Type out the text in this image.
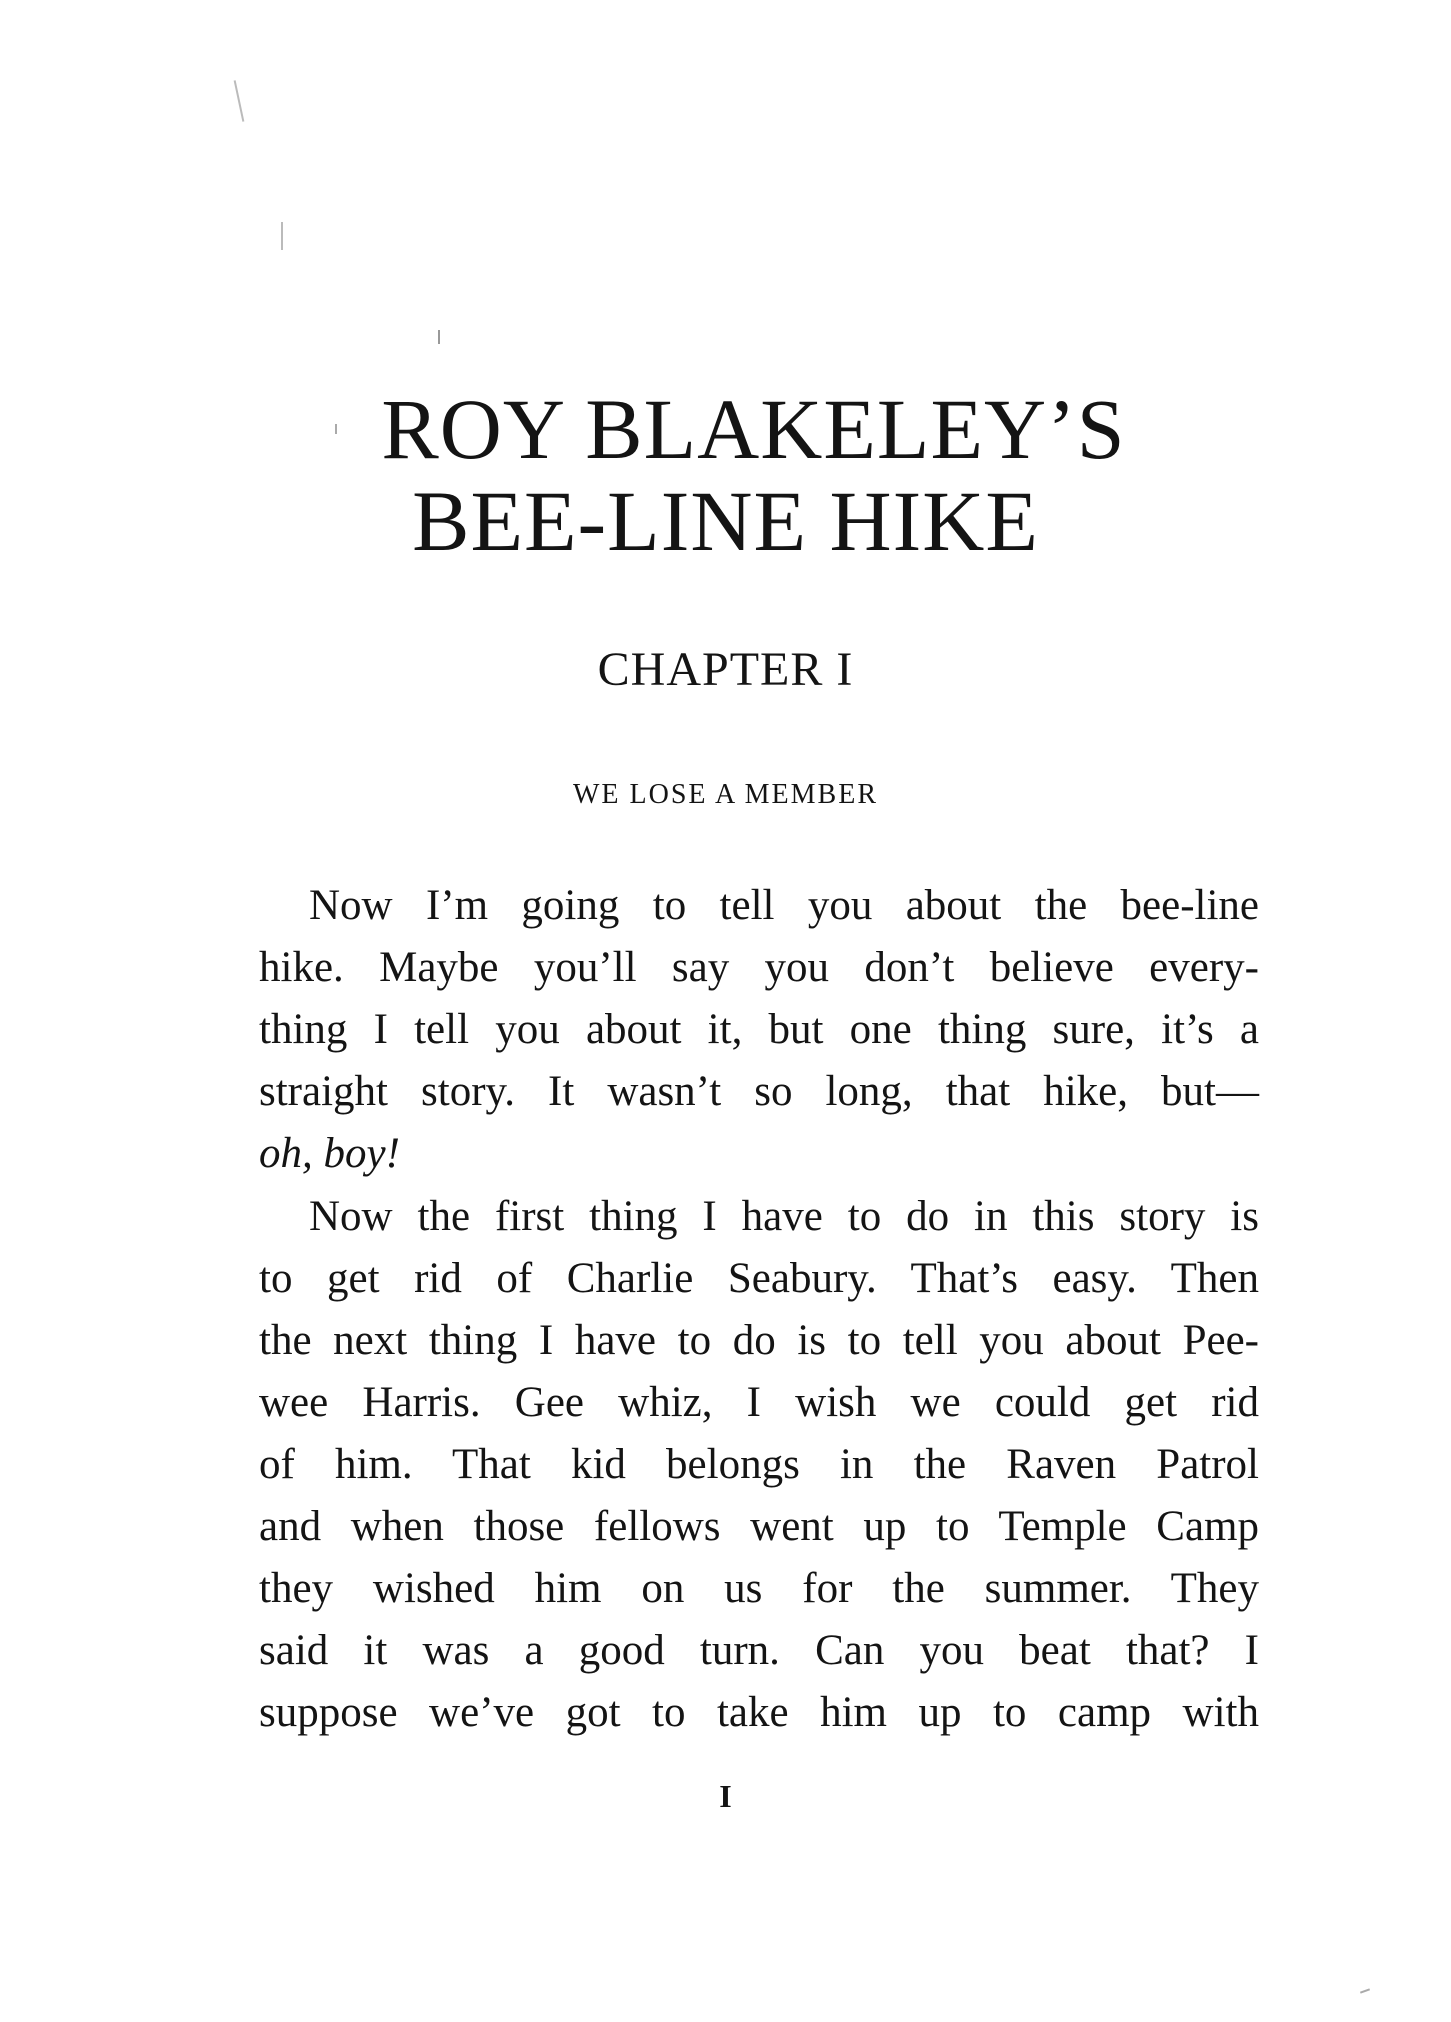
ROY BLAKELEY’S
BEE-LINE HIKE
CHAPTER I
WE LOSE A MEMBER
Now I’m going to tell you about the bee-line
hike. Maybe you’ll say you don’t believe every-
thing I tell you about it, but one thing sure, it’s a
straight story. It wasn’t so long, that hike, but—
oh, boy!
Now the first thing I have to do in this story is
to get rid of Charlie Seabury. That’s easy. Then
the next thing I have to do is to tell you about Pee-
wee Harris. Gee whiz, I wish we could get rid
of him. That kid belongs in the Raven Patrol
and when those fellows went up to Temple Camp
they wished him on us for the summer. They
said it was a good turn. Can you beat that? I
suppose we’ve got to take him up to camp with
I
